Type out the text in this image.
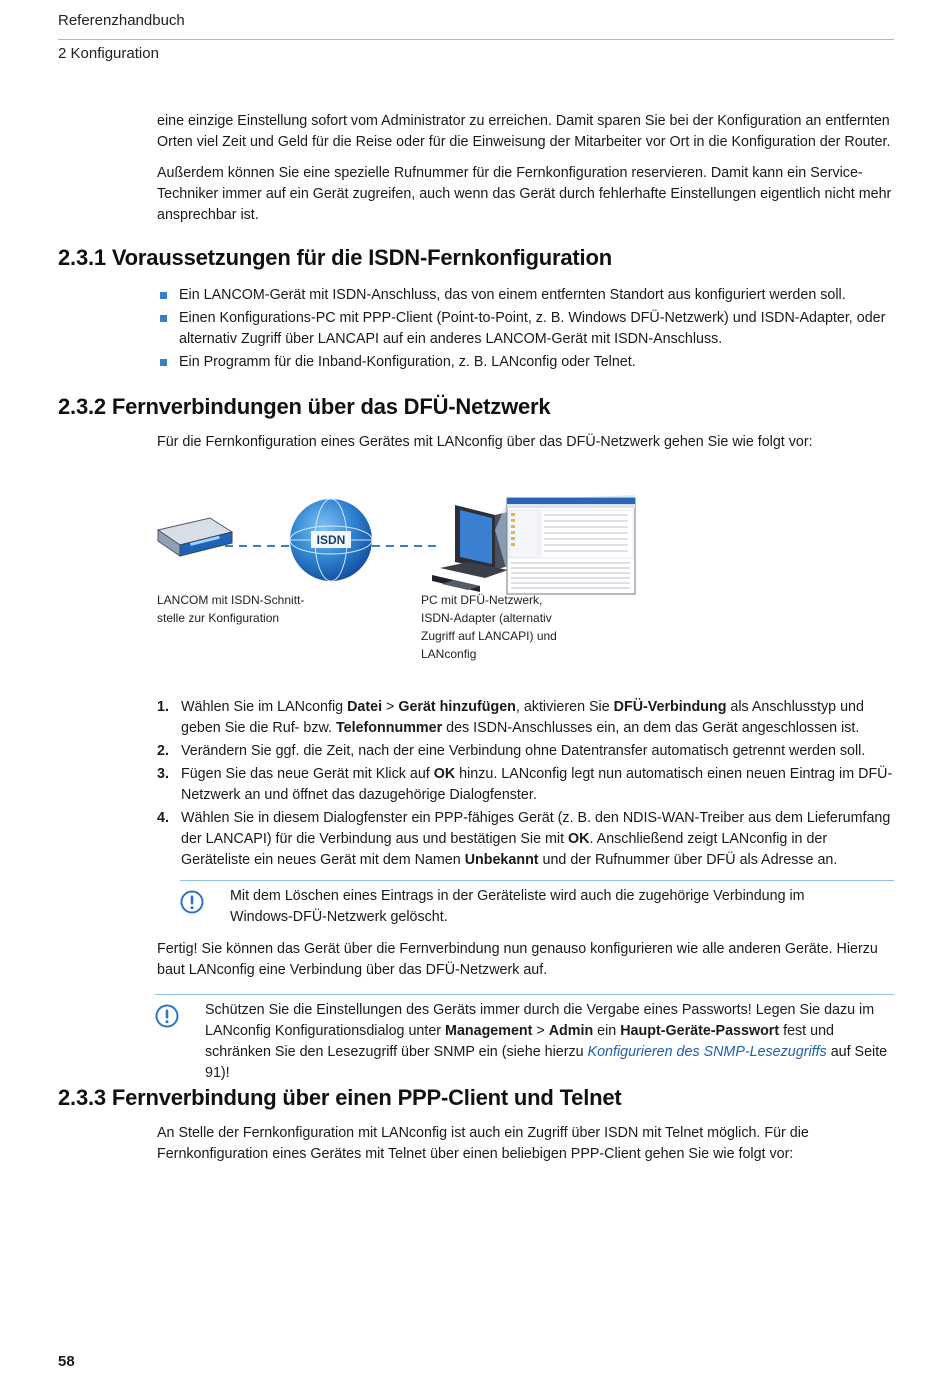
Referenzhandbuch
2 Konfiguration

eine einzige Einstellung sofort vom Administrator zu erreichen. Damit sparen Sie bei der Konfiguration an entfernten Orten viel Zeit und Geld für die Reise oder für die Einweisung der Mitarbeiter vor Ort in die Konfiguration der Router.

Außerdem können Sie eine spezielle Rufnummer für die Fernkonfiguration reservieren. Damit kann ein Service-Techniker immer auf ein Gerät zugreifen, auch wenn das Gerät durch fehlerhafte Einstellungen eigentlich nicht mehr ansprechbar ist.

2.3.1 Voraussetzungen für die ISDN-Fernkonfiguration
Ein LANCOM-Gerät mit ISDN-Anschluss, das von einem entfernten Standort aus konfiguriert werden soll.
Einen Konfigurations-PC mit PPP-Client (Point-to-Point, z. B. Windows DFÜ-Netzwerk) und ISDN-Adapter, oder alternativ Zugriff über LANCAPI auf ein anderes LANCOM-Gerät mit ISDN-Anschluss.
Ein Programm für die Inband-Konfiguration, z. B. LANconfig oder Telnet.
2.3.2 Fernverbindungen über das DFÜ-Netzwerk
Für die Fernkonfiguration eines Gerätes mit LANconfig über das DFÜ-Netzwerk gehen Sie wie folgt vor:
ISDN
LANCOM mit ISDN-Schnitt-
stelle zur Konfiguration
PC mit DFÜ-Netzwerk,
ISDN-Adapter (alternativ
Zugriff auf LANCAPI) und
LANconfig
1. Wählen Sie im LANconfig Datei > Gerät hinzufügen, aktivieren Sie DFÜ-Verbindung als Anschlusstyp und geben Sie die Ruf- bzw. Telefonnummer des ISDN-Anschlusses ein, an dem das Gerät angeschlossen ist.
2. Verändern Sie ggf. die Zeit, nach der eine Verbindung ohne Datentransfer automatisch getrennt werden soll.
3. Fügen Sie das neue Gerät mit Klick auf OK hinzu. LANconfig legt nun automatisch einen neuen Eintrag im DFÜ-Netzwerk an und öffnet das dazugehörige Dialogfenster.
4. Wählen Sie in diesem Dialogfenster ein PPP-fähiges Gerät (z. B. den NDIS-WAN-Treiber aus dem Lieferumfang der LANCAPI) für die Verbindung aus und bestätigen Sie mit OK. Anschließend zeigt LANconfig in der Geräteliste ein neues Gerät mit dem Namen Unbekannt und der Rufnummer über DFÜ als Adresse an.
Mit dem Löschen eines Eintrags in der Geräteliste wird auch die zugehörige Verbindung im Windows-DFÜ-Netzwerk gelöscht.
Fertig! Sie können das Gerät über die Fernverbindung nun genauso konfigurieren wie alle anderen Geräte. Hierzu baut LANconfig eine Verbindung über das DFÜ-Netzwerk auf.
Schützen Sie die Einstellungen des Geräts immer durch die Vergabe eines Passworts! Legen Sie dazu im LANconfig Konfigurationsdialog unter Management > Admin ein Haupt-Geräte-Passwort fest und schränken Sie den Lesezugriff über SNMP ein (siehe hierzu Konfigurieren des SNMP-Lesezugriffs auf Seite 91)!
2.3.3 Fernverbindung über einen PPP-Client und Telnet
An Stelle der Fernkonfiguration mit LANconfig ist auch ein Zugriff über ISDN mit Telnet möglich. Für die Fernkonfiguration eines Gerätes mit Telnet über einen beliebigen PPP-Client gehen Sie wie folgt vor:
58
